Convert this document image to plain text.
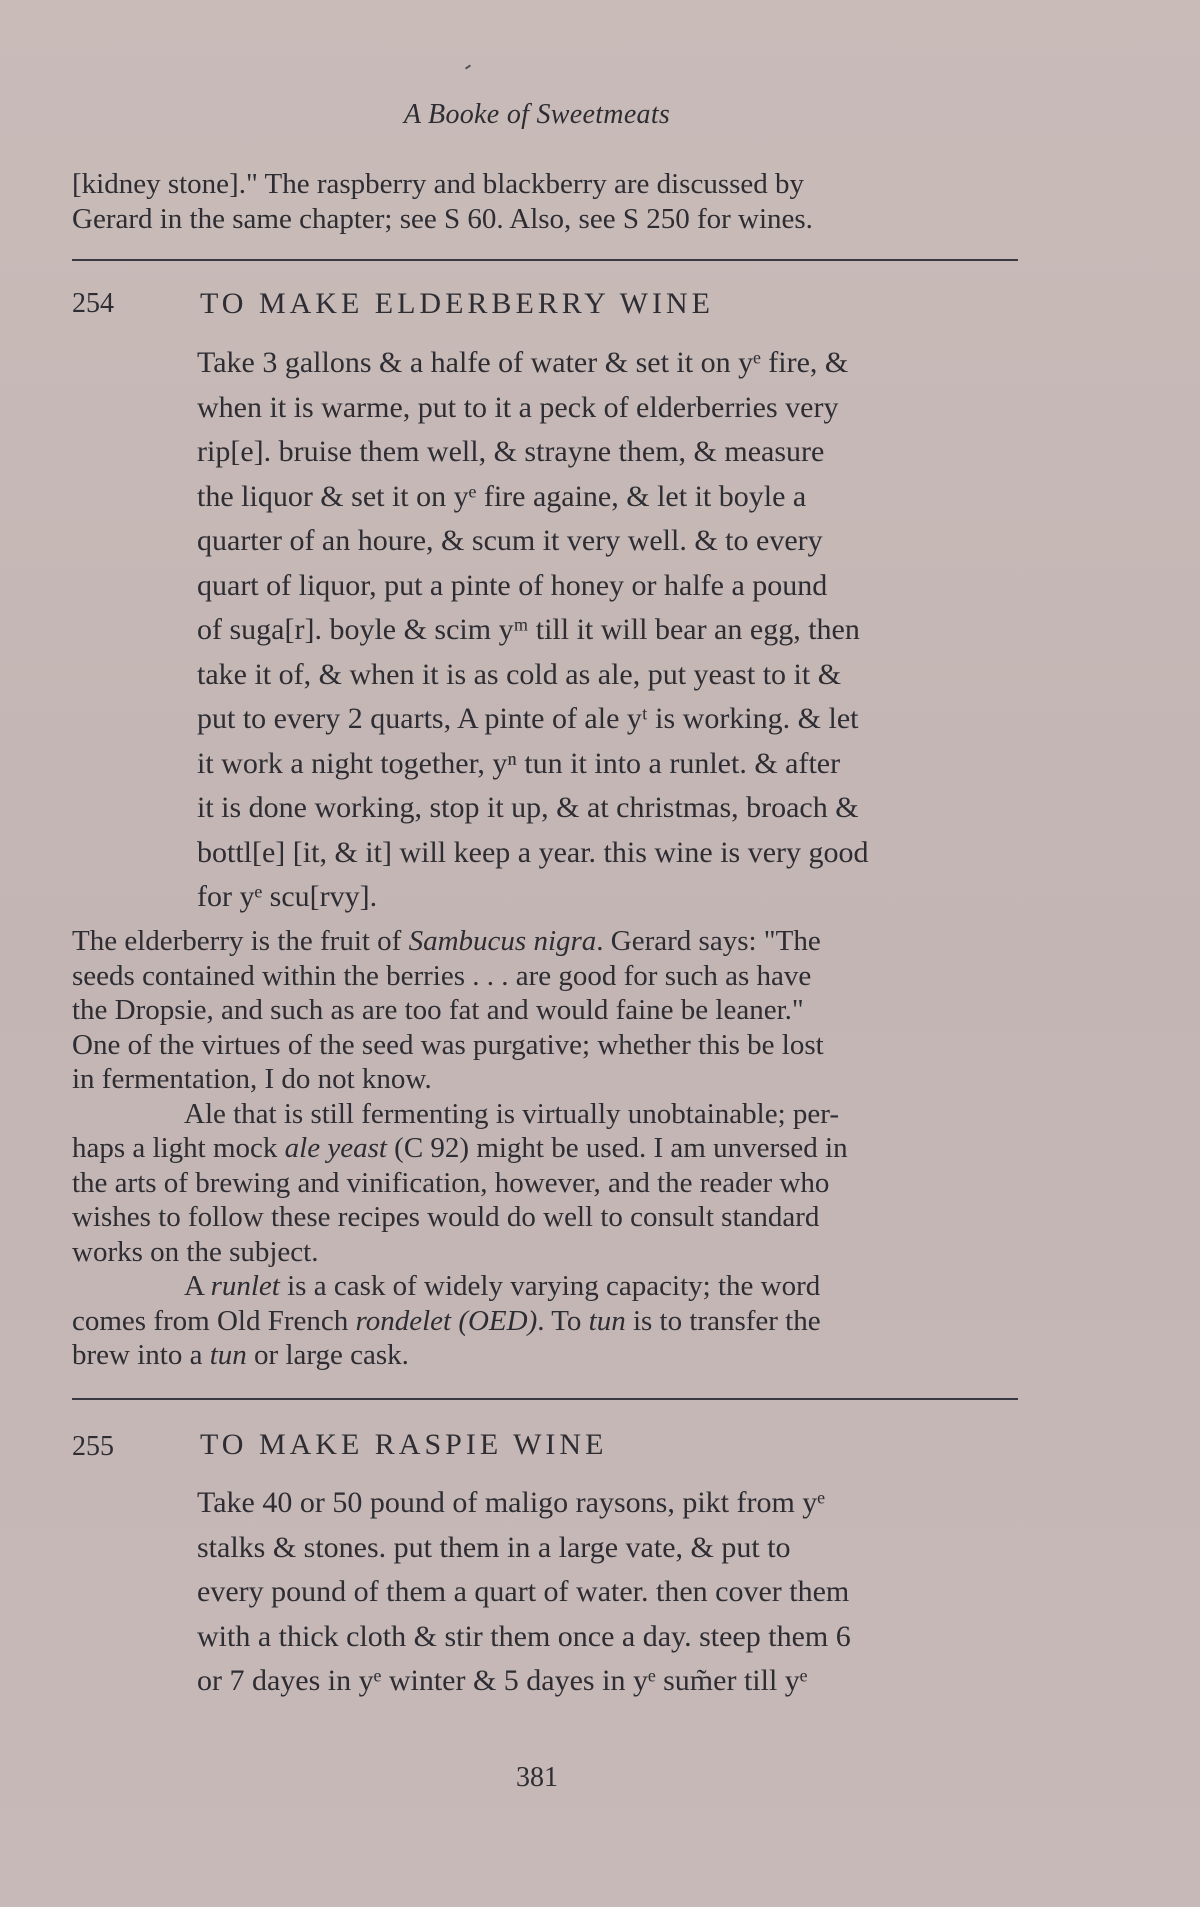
A Booke of Sweetmeats
[kidney stone]." The raspberry and blackberry are discussed by
Gerard in the same chapter; see S 60. Also, see S 250 for wines.
254	TO MAKE ELDERBERRY WINE
Take 3 gallons & a halfe of water & set it on yᵉ fire, &
when it is warme, put to it a peck of elderberries very
rip[e]. bruise them well, & strayne them, & measure
the liquor & set it on yᵉ fire againe, & let it boyle a
quarter of an houre, & scum it very well. & to every
quart of liquor, put a pinte of honey or halfe a pound
of suga[r]. boyle & scim yᵐ till it will bear an egg, then
take it of, & when it is as cold as ale, put yeast to it &
put to every 2 quarts, A pinte of ale yᵗ is working. & let
it work a night together, yⁿ tun it into a runlet. & after
it is done working, stop it up, & at christmas, broach &
bottl[e] [it, & it] will keep a year. this wine is very good
for yᵉ scu[rvy].
The elderberry is the fruit of Sambucus nigra. Gerard says: "The
seeds contained within the berries . . . are good for such as have
the Dropsie, and such as are too fat and would faine be leaner."
One of the virtues of the seed was purgative; whether this be lost
in fermentation, I do not know.
Ale that is still fermenting is virtually unobtainable; per-
haps a light mock ale yeast (C 92) might be used. I am unversed in
the arts of brewing and vinification, however, and the reader who
wishes to follow these recipes would do well to consult standard
works on the subject.
A runlet is a cask of widely varying capacity; the word
comes from Old French rondelet (OED). To tun is to transfer the
brew into a tun or large cask.
255	TO MAKE RASPIE WINE
Take 40 or 50 pound of maligo raysons, pikt from yᵉ
stalks & stones. put them in a large vate, & put to
every pound of them a quart of water. then cover them
with a thick cloth & stir them once a day. steep them 6
or 7 dayes in yᵉ winter & 5 dayes in yᵉ sum̃er till yᵉ
381
